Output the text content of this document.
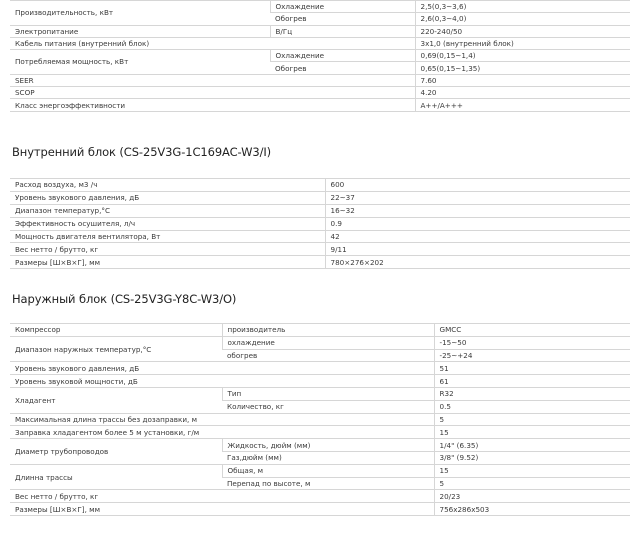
Производительность, кВт	Охлаждение	2,5(0,3~3,6)
	Обогрев	2,6(0,3~4,0)
Электропитание	В/Гц	220-240/50
Кабель питания (внутренний блок)		3х1,0 (внутренний блок)
Потребляемая мощность, кВт	Охлаждение	0,69(0,15~1,4)
	Обогрев	0,65(0,15~1,35)
SEER		7.60
SCOP		4.20
Класс энергоэффективности		A++/A+++
Внутренний блок (CS-25V3G-1C169AC-W3/I)
Расход воздуха, м3 /ч	600
Уровень звукового давления, дБ	22~37
Диапазон температур,°С	16~32
Эффективность осушителя, л/ч	0.9
Мощность двигателя вентилятора, Вт	42
Вес нетто / брутто, кг	9/11
Размеры [Ш×В×Г], мм	780×276×202
Наружный блок (CS-25V3G-Y8C-W3/O)
Компрессор	производитель	GMCC
Диапазон наружных температур,°С	охлаждение	-15~50
	обогрев	-25~+24
Уровень звукового давления, дБ		51
Уровень звуковой мощности, дБ		61
Хладагент	Тип	R32
	Количество, кг	0.5
Максимальная длина трассы без дозаправки, м		5
Заправка хладагентом более 5 м установки, г/м		15
Диаметр трубопроводов	Жидкость, дюйм (мм)	1/4" (6.35)
	Газ,дюйм (мм)	3/8" (9.52)
Длинна трассы	Общая, м	15
	Перепад по высоте, м	5
Вес нетто / брутто, кг		20/23
Размеры [Ш×В×Г], мм		756х286х503
